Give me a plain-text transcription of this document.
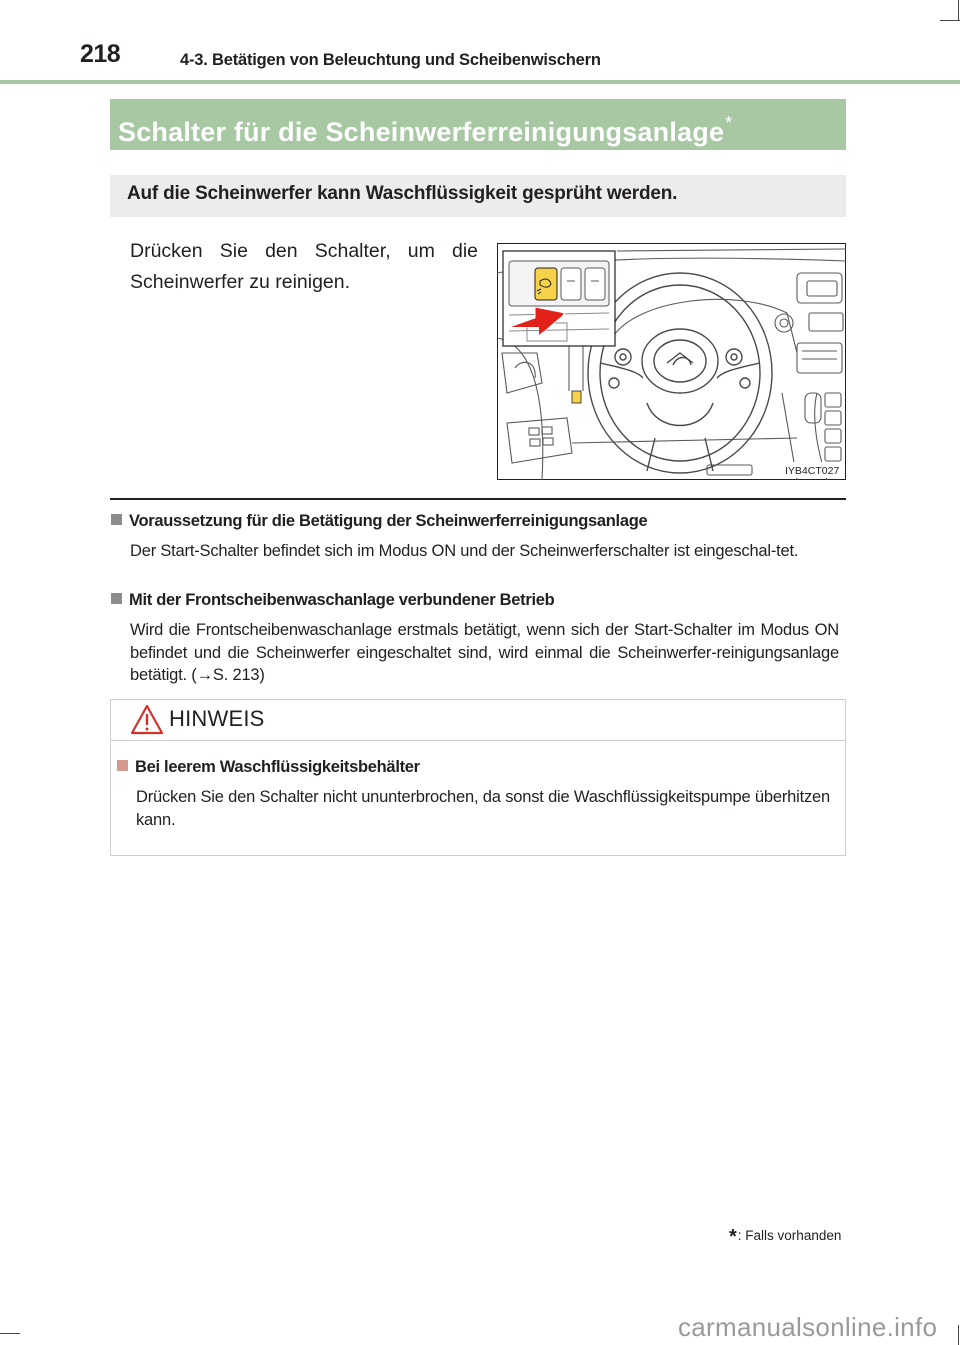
218	4-3. Betätigen von Beleuchtung und Scheibenwischern
Schalter für die Scheinwerferreinigungsanlage*
Auf die Scheinwerfer kann Waschflüssigkeit gesprüht werden.
Drücken Sie den Schalter, um die Scheinwerfer zu reinigen.
IYB4CT027
Voraussetzung für die Betätigung der Scheinwerferreinigungsanlage
Der Start-Schalter befindet sich im Modus ON und der Scheinwerferschalter ist eingeschal-tet.
Mit der Frontscheibenwaschanlage verbundener Betrieb
Wird die Frontscheibenwaschanlage erstmals betätigt, wenn sich der Start-Schalter im Modus ON befindet und die Scheinwerfer eingeschaltet sind, wird einmal die Scheinwerfer-reinigungsanlage betätigt. (→S. 213)
HINWEIS
Bei leerem Waschflüssigkeitsbehälter
Drücken Sie den Schalter nicht ununterbrochen, da sonst die Waschflüssigkeitspumpe überhitzen kann.
*: Falls vorhanden
carmanualsonline.info
